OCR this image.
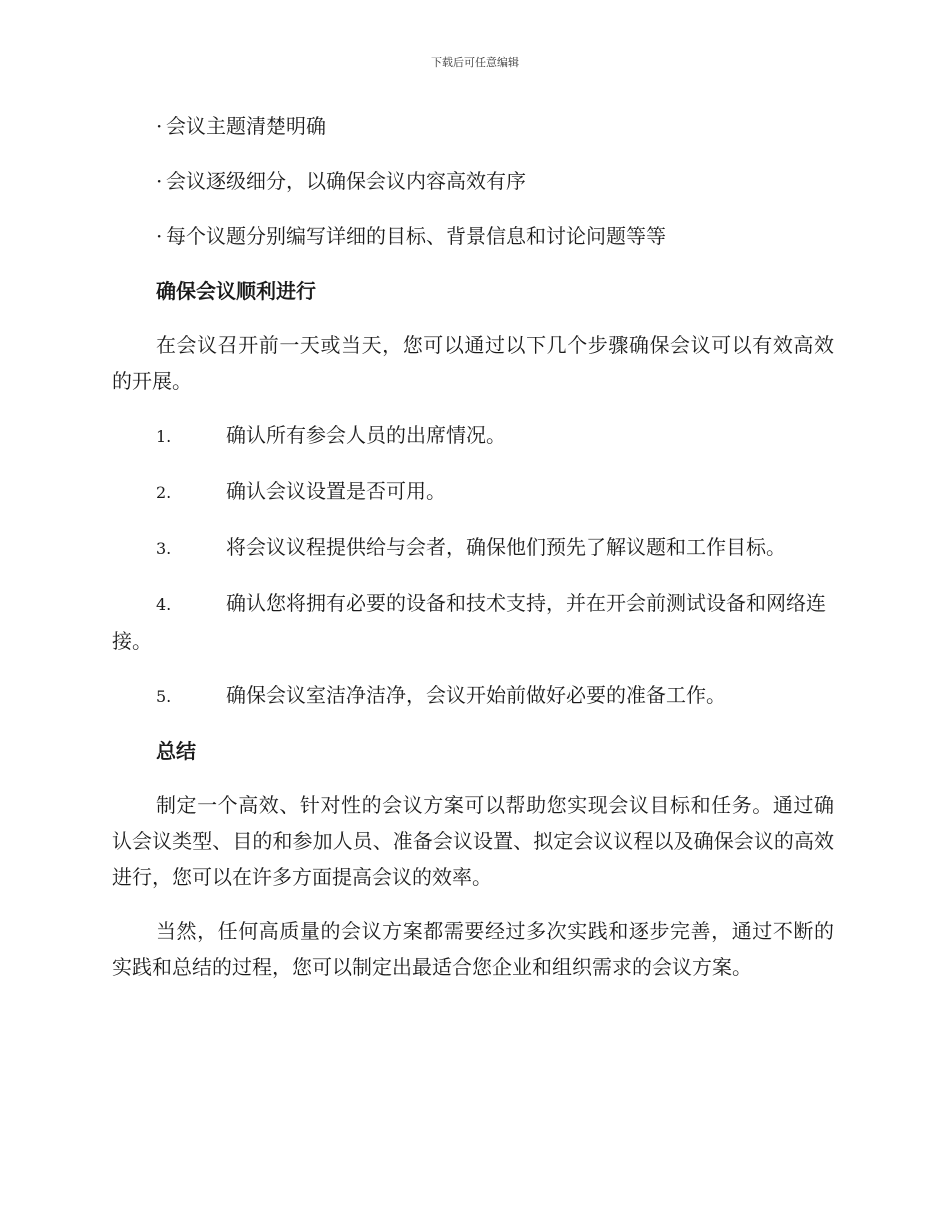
下载后可任意编辑
· 会议主题清楚明确
· 会议逐级细分，以确保会议内容高效有序
· 每个议题分别编写详细的目标、背景信息和讨论问题等等
确保会议顺利进行
在会议召开前一天或当天，您可以通过以下几个步骤确保会议可以有效高效的开展。
1.	确认所有参会人员的出席情况。
2.	确认会议设置是否可用。
3.	将会议议程提供给与会者，确保他们预先了解议题和工作目标。
4.	确认您将拥有必要的设备和技术支持，并在开会前测试设备和网络连接。
5.	确保会议室洁净洁净，会议开始前做好必要的准备工作。
总结
制定一个高效、针对性的会议方案可以帮助您实现会议目标和任务。通过确认会议类型、目的和参加人员、准备会议设置、拟定会议议程以及确保会议的高效进行，您可以在许多方面提高会议的效率。
当然，任何高质量的会议方案都需要经过多次实践和逐步完善，通过不断的实践和总结的过程，您可以制定出最适合您企业和组织需求的会议方案。
